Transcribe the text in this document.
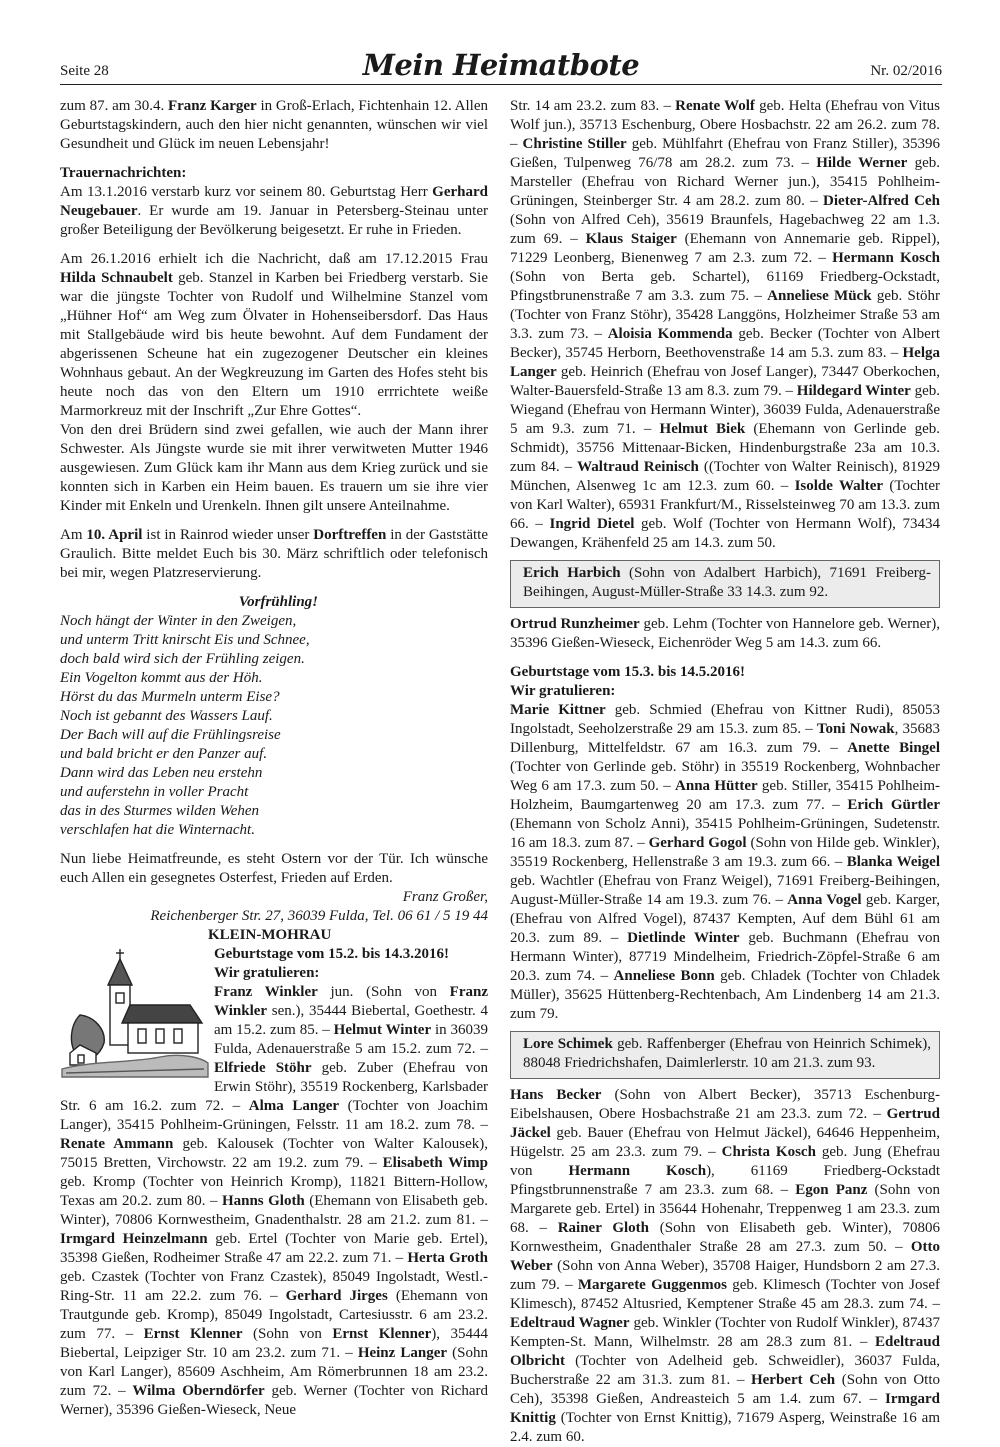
Seite 28	Mein Heimatbote	Nr. 02/2016

zum 87. am 30.4. Franz Karger in Groß-Erlach, Fichtenhain 12. Allen Geburtstagskindern, auch den hier nicht genannten, wünschen wir viel Gesundheit und Glück im neuen Lebensjahr!

Trauernachrichten:

Am 13.1.2016 verstarb kurz vor seinem 80. Geburtstag Herr Gerhard Neugebauer. Er wurde am 19. Januar in Petersberg-Steinau unter großer Beteiligung der Bevölkerung beigesetzt. Er ruhe in Frieden.

Am 26.1.2016 erhielt ich die Nachricht, daß am 17.12.2015 Frau Hilda Schnaubelt geb. Stanzel in Karben bei Friedberg verstarb. Sie war die jüngste Tochter von Rudolf und Wilhelmine Stanzel vom „Hühner Hof“ am Weg zum Ölvater in Hohenseibersdorf. Das Haus mit Stallgebäude wird bis heute bewohnt. Auf dem Fundament der abgerissenen Scheune hat ein zugezogener Deutscher ein kleines Wohnhaus gebaut. An der Wegkreuzung im Garten des Hofes steht bis heute noch das von den Eltern um 1910 errrichtete weiße Marmorkreuz mit der Inschrift „Zur Ehre Gottes“.

Von den drei Brüdern sind zwei gefallen, wie auch der Mann ihrer Schwester. Als Jüngste wurde sie mit ihrer verwitweten Mutter 1946 ausgewiesen. Zum Glück kam ihr Mann aus dem Krieg zurück und sie konnten sich in Karben ein Heim bauen. Es trauern um sie ihre vier Kinder mit Enkeln und Urenkeln. Ihnen gilt unsere Anteilnahme.

Am 10. April ist in Rainrod wieder unser Dorftreffen in der Gaststätte Graulich. Bitte meldet Euch bis 30. März schriftlich oder telefonisch bei mir, wegen Platzreservierung.

Vorfrühling!

Noch hängt der Winter in den Zweigen,

und unterm Tritt knirscht Eis und Schnee,

doch bald wird sich der Frühling zeigen.

Ein Vogelton kommt aus der Höh.

Hörst du das Murmeln unterm Eise?

Noch ist gebannt des Wassers Lauf.

Der Bach will auf die Frühlingsreise

und bald bricht er den Panzer auf.

Dann wird das Leben neu erstehn

und auferstehn in voller Pracht

das in des Sturmes wilden Wehen

verschlafen hat die Winternacht.

Nun liebe Heimatfreunde, es steht Ostern vor der Tür. Ich wünsche euch Allen ein gesegnetes Osterfest, Frieden auf Erden.

Franz Großer,

Reichenberger Str. 27, 36039 Fulda, Tel. 06 61 / 5 19 44

KLEIN-MOHRAU

Geburtstage vom 15.2. bis 14.3.2016!

Wir gratulieren:

Franz Winkler jun. (Sohn von Franz Winkler sen.), 35444 Biebertal, Goethestr. 4 am 15.2. zum 85. – Helmut Winter in 36039 Fulda, Adenauerstraße 5 am 15.2. zum 72. – Elfriede Stöhr geb. Zuber (Ehefrau von Erwin Stöhr), 35519 Rockenberg, Karlsbader Str. 6 am 16.2. zum 72. – Alma Langer (Tochter von Joachim Langer), 35415 Pohlheim-Grüningen, Felsstr. 11 am 18.2. zum 78. – Renate Ammann geb. Kalousek (Tochter von Walter Kalousek), 75015 Bretten, Virchowstr. 22 am 19.2. zum 79. – Elisabeth Wimp geb. Kromp (Tochter von Heinrich Kromp), 11821 Bittern-Hollow, Texas am 20.2. zum 80. – Hanns Gloth (Ehemann von Elisabeth geb. Winter), 70806 Kornwestheim, Gnadenthalstr. 28 am 21.2. zum 81. – Irmgard Heinzelmann geb. Ertel (Tochter von Marie geb. Ertel), 35398 Gießen, Rodheimer Straße 47 am 22.2. zum 71. – Herta Groth geb. Czastek (Tochter von Franz Czastek), 85049 Ingolstadt, Westl.- Ring-Str. 11 am 22.2. zum 76. – Gerhard Jirges (Ehemann von Trautgunde geb. Kromp), 85049 Ingolstadt, Cartesiusstr. 6 am 23.2. zum 77. – Ernst Klenner (Sohn von Ernst Klenner), 35444 Biebertal, Leipziger Str. 10 am 23.2. zum 71. – Heinz Langer (Sohn von Karl Langer), 85609 Aschheim, Am Römerbrunnen 18 am 23.2. zum 72. – Wilma Oberndörfer geb. Werner (Tochter von Richard Werner), 35396 Gießen-Wieseck, Neue

Str. 14 am 23.2. zum 83. – Renate Wolf geb. Helta (Ehefrau von Vitus Wolf jun.), 35713 Eschenburg, Obere Hosbachstr. 22 am 26.2. zum 78. – Christine Stiller geb. Mühlfahrt (Ehefrau von Franz Stiller), 35396 Gießen, Tulpenweg 76/78 am 28.2. zum 73. – Hilde Werner geb. Marsteller (Ehefrau von Richard Werner jun.), 35415 Pohlheim-Grüningen, Steinberger Str. 4 am 28.2. zum 80. – Dieter-Alfred Ceh (Sohn von Alfred Ceh), 35619 Braunfels, Hagebachweg 22 am 1.3. zum 69. – Klaus Staiger (Ehemann von Annemarie geb. Rippel), 71229 Leonberg, Bienenweg 7 am 2.3. zum 72. – Hermann Kosch (Sohn von Berta geb. Schartel), 61169 Friedberg-Ockstadt, Pfingstbrunenstraße 7 am 3.3. zum 75. – Anneliese Mück geb. Stöhr (Tochter von Franz Stöhr), 35428 Langgöns, Holzheimer Straße 53 am 3.3. zum 73. – Aloisia Kommenda geb. Becker (Tochter von Albert Becker), 35745 Herborn, Beethovenstraße 14 am 5.3. zum 83. – Helga Langer geb. Heinrich (Ehefrau von Josef Langer), 73447 Oberkochen, Walter-Bauersfeld-Straße 13 am 8.3. zum 79. – Hildegard Winter geb. Wiegand (Ehefrau von Hermann Winter), 36039 Fulda, Adenauerstraße 5 am 9.3. zum 71. – Helmut Biek (Ehemann von Gerlinde geb. Schmidt), 35756 Mittenaar-Bicken, Hindenburgstraße 23a am 10.3. zum 84. – Waltraud Reinisch ((Tochter von Walter Reinisch), 81929 München, Alsenweg 1c am 12.3. zum 60. – Isolde Walter (Tochter von Karl Walter), 65931 Frankfurt/M., Risselsteinweg 70 am 13.3. zum 66. – Ingrid Dietel geb. Wolf (Tochter von Hermann Wolf), 73434 Dewangen, Krähenfeld 25 am 14.3. zum 50.

Erich Harbich (Sohn von Adalbert Harbich), 71691 Freiberg-Beihingen, August-Müller-Straße 33 14.3. zum 92.

Ortrud Runzheimer geb. Lehm (Tochter von Hannelore geb. Werner), 35396 Gießen-Wieseck, Eichenröder Weg 5 am 14.3. zum 66.

Geburtstage vom 15.3. bis 14.5.2016!

Wir gratulieren:

Marie Kittner geb. Schmied (Ehefrau von Kittner Rudi), 85053 Ingolstadt, Seeholzerstraße 29 am 15.3. zum 85. – Toni Nowak, 35683 Dillenburg, Mittelfeldstr. 67 am 16.3. zum 79. – Anette Bingel (Tochter von Gerlinde geb. Stöhr) in 35519 Rockenberg, Wohnbacher Weg 6 am 17.3. zum 50. – Anna Hütter geb. Stiller, 35415 Pohlheim-Holzheim, Baumgartenweg 20 am 17.3. zum 77. – Erich Gürtler (Ehemann von Scholz Anni), 35415 Pohlheim-Grüningen, Sudetenstr. 16 am 18.3. zum 87. – Gerhard Gogol (Sohn von Hilde geb. Winkler), 35519 Rockenberg, Hellenstraße 3 am 19.3. zum 66. – Blanka Weigel geb. Wachtler (Ehefrau von Franz Weigel), 71691 Freiberg-Beihingen, August-Müller-Straße 14 am 19.3. zum 76. – Anna Vogel geb. Karger, (Ehefrau von Alfred Vogel), 87437 Kempten, Auf dem Bühl 61 am 20.3. zum 89. – Dietlinde Winter geb. Buchmann (Ehefrau von Hermann Winter), 87719 Mindelheim, Friedrich-Zöpfel-Straße 6 am 20.3. zum 74. – Anneliese Bonn geb. Chladek (Tochter von Chladek Müller), 35625 Hüttenberg-Rechtenbach, Am Lindenberg 14 am 21.3. zum 79.

Lore Schimek geb. Raffenberger (Ehefrau von Heinrich Schimek), 88048 Friedrichshafen, Daimlerlerstr. 10 am 21.3. zum 93.

Hans Becker (Sohn von Albert Becker), 35713 Eschenburg-Eibelshausen, Obere Hosbachstraße 21 am 23.3. zum 72. – Gertrud Jäckel geb. Bauer (Ehefrau von Helmut Jäckel), 64646 Heppenheim, Hügelstr. 25 am 23.3. zum 79. – Christa Kosch geb. Jung (Ehefrau von Hermann Kosch), 61169 Friedberg-Ockstadt Pfingstbrunnenstraße 7 am 23.3. zum 68. – Egon Panz (Sohn von Margarete geb. Ertel) in 35644 Hohenahr, Treppenweg 1 am 23.3. zum 68. – Rainer Gloth (Sohn von Elisabeth geb. Winter), 70806 Kornwestheim, Gnadenthaler Straße 28 am 27.3. zum 50. – Otto Weber (Sohn von Anna Weber), 35708 Haiger, Hundsborn 2 am 27.3. zum 79. – Margarete Guggenmos geb. Klimesch (Tochter von Josef Klimesch), 87452 Altusried, Kemptener Straße 45 am 28.3. zum 74. – Edeltraud Wagner geb. Winkler (Tochter von Rudolf Winkler), 87437 Kempten-St. Mann, Wilhelmstr. 28 am 28.3 zum 81. – Edeltraud Olbricht (Tochter von Adelheid geb. Schweidler), 36037 Fulda, Bucherstraße 22 am 31.3. zum 81. – Herbert Ceh (Sohn von Otto Ceh), 35398 Gießen, Andreasteich 5 am 1.4. zum 67. – Irmgard Knittig (Tochter von Ernst Knittig), 71679 Asperg, Weinstraße 16 am 2.4. zum 60.
